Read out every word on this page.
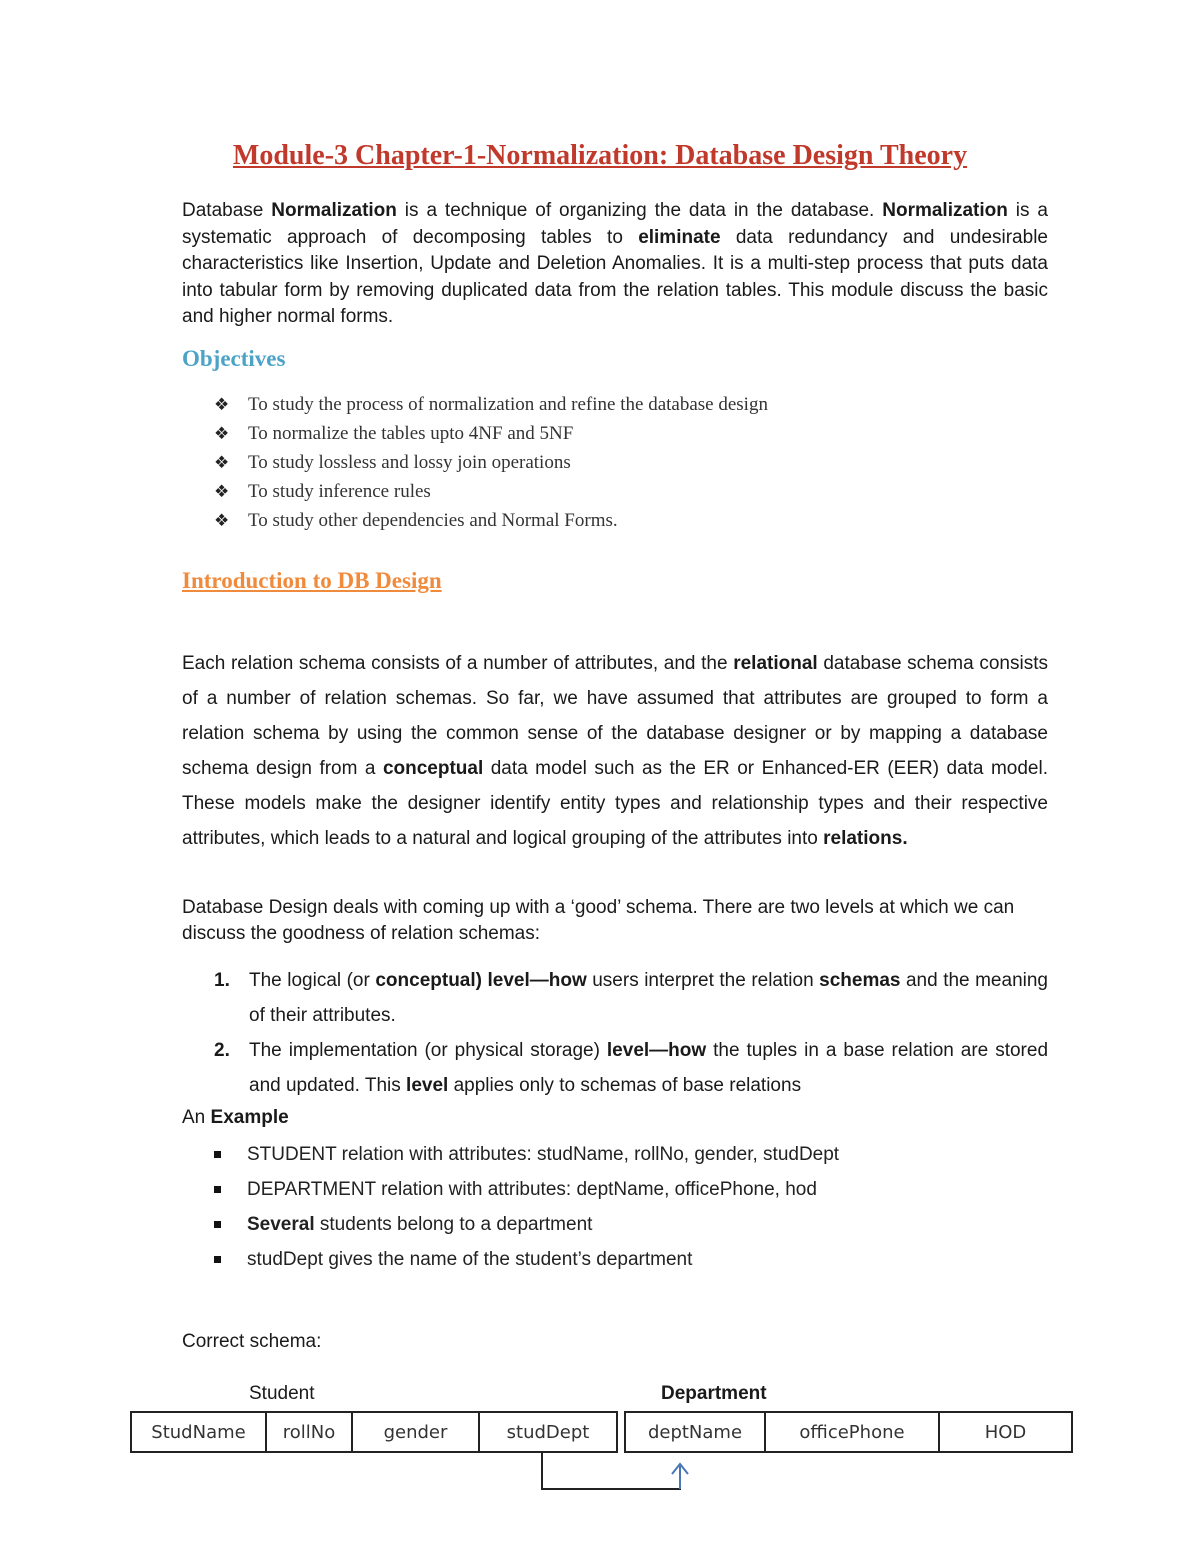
Module-3 Chapter-1-Normalization: Database Design Theory

Database Normalization is a technique of organizing the data in the database. Normalization is a systematic approach of decomposing tables to eliminate data redundancy and undesirable characteristics like Insertion, Update and Deletion Anomalies. It is a multi-step process that puts data into tabular form by removing duplicated data from the relation tables. This module discuss the basic and higher normal forms.

Objectives
❖ To study the process of normalization and refine the database design
❖ To normalize the tables upto 4NF and 5NF
❖ To study lossless and lossy join operations
❖ To study inference rules
❖ To study other dependencies and Normal Forms.
Introduction to DB Design

Each relation schema consists of a number of attributes, and the relational database schema consists of a number of relation schemas. So far, we have assumed that attributes are grouped to form a relation schema by using the common sense of the database designer or by mapping a database schema design from a conceptual data model such as the ER or Enhanced-ER (EER) data model. These models make the designer identify entity types and relationship types and their respective attributes, which leads to a natural and logical grouping of the attributes into relations.

Database Design deals with coming up with a ‘good’ schema. There are two levels at which we can discuss the goodness of relation schemas:

1.	The logical (or conceptual) level—how users interpret the relation schemas and the meaning of their attributes.
2.	The implementation (or physical storage) level—how the tuples in a base relation are stored and updated. This level applies only to schemas of base relations

An Example

STUDENT relation with attributes: studName, rollNo, gender, studDept
DEPARTMENT relation with attributes: deptName, officePhone, hod
Several students belong to a department
studDept gives the name of the student’s department

Correct schema:

Student	Department

StudName	rollNo	gender	studDept	deptName	officePhone	HOD
